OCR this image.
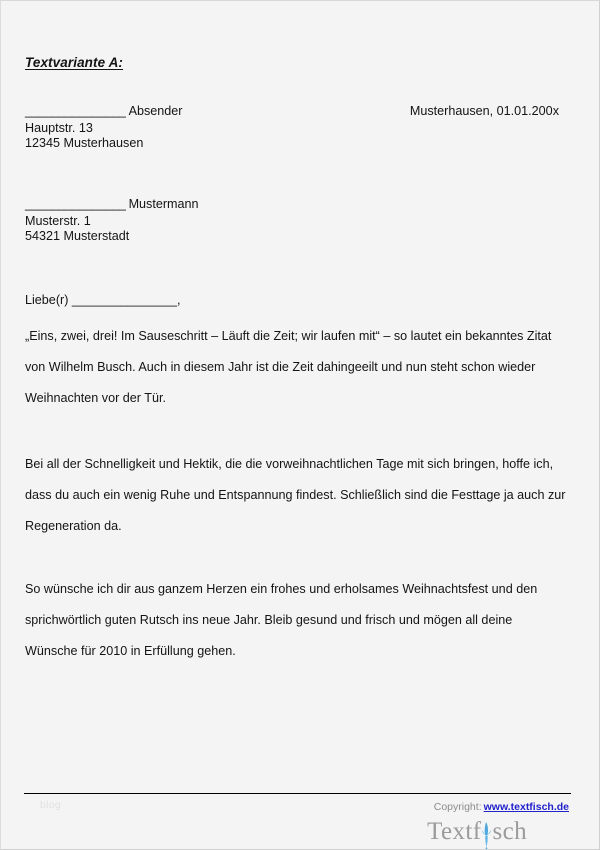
Textvariante A:
_______________ Absender
Hauptstr. 13
12345 Musterhausen
Musterhausen, 01.01.200x
_______________ Mustermann
Musterstr. 1
54321 Musterstadt
Liebe(r) _______________,

„Eins, zwei, drei! Im Sauseschritt – Läuft die Zeit; wir laufen mit“ – so lautet ein bekanntes Zitat von Wilhelm Busch. Auch in diesem Jahr ist die Zeit dahingeeilt und nun steht schon wieder Weihnachten vor der Tür.

Bei all der Schnelligkeit und Hektik, die die vorweihnachtlichen Tage mit sich bringen, hoffe ich, dass du auch ein wenig Ruhe und Entspannung findest. Schließlich sind die Festtage ja auch zur Regeneration da.

So wünsche ich dir aus ganzem Herzen ein frohes und erholsames Weihnachtsfest und den sprichwörtlich guten Rutsch ins neue Jahr. Bleib gesund und frisch und mögen all deine Wünsche für 2010 in Erfüllung gehen.

blog	Copyright: www.textfisch.de
Textf sch
